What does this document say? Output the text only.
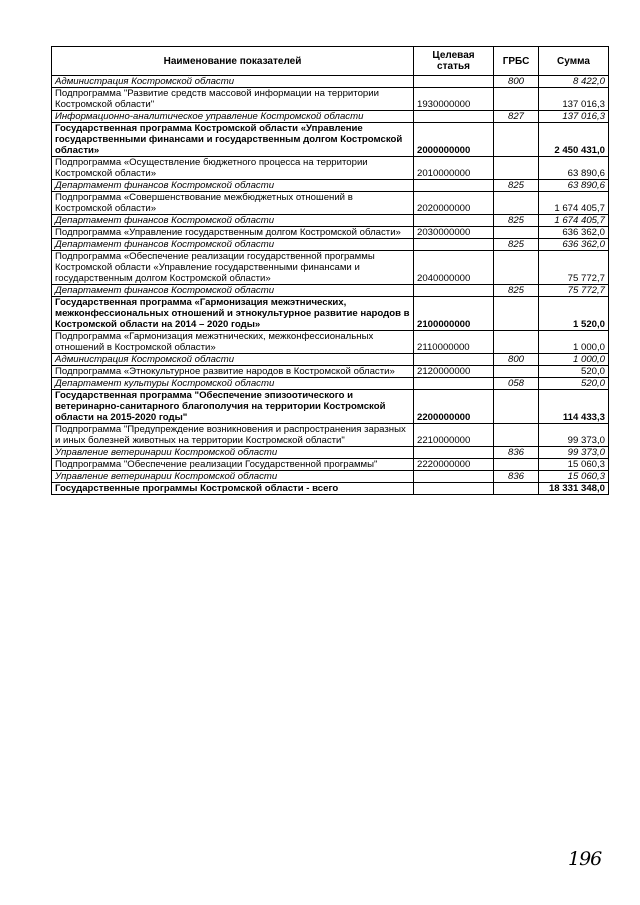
Наименование показателей	Целевая статья	ГРБС	Сумма
Администрация Костромской области		800	8 422,0
Подпрограмма "Развитие средств массовой информации на территории Костромской области"	1930000000		137 016,3
Информационно-аналитическое управление Костромской области		827	137 016,3
Государственная программа Костромской области «Управление государственными финансами и государственным долгом Костромской области»	2000000000		2 450 431,0
Подпрограмма «Осуществление бюджетного процесса на территории Костромской области»	2010000000		63 890,6
Департамент финансов Костромской области		825	63 890,6
Подпрограмма «Совершенствование межбюджетных отношений в Костромской области»	2020000000		1 674 405,7
Департамент финансов Костромской области		825	1 674 405,7
Подпрограмма «Управление государственным долгом Костромской области»	2030000000		636 362,0
Департамент финансов Костромской области		825	636 362,0
Подпрограмма «Обеспечение реализации государственной программы Костромской области «Управление государственными финансами и государственным долгом Костромской области»	2040000000		75 772,7
Департамент финансов Костромской области		825	75 772,7
Государственная программа «Гармонизация межэтнических, межконфессиональных отношений и этнокультурное развитие народов в Костромской области на 2014 – 2020 годы»	2100000000		1 520,0
Подпрограмма «Гармонизация межэтнических, межконфессиональных отношений в Костромской области»	2110000000		1 000,0
Администрация Костромской области		800	1 000,0
Подпрограмма «Этнокультурное развитие народов в Костромской области»	2120000000		520,0
Департамент культуры Костромской области		058	520,0
Государственная программа "Обеспечение эпизоотического и ветеринарно-санитарного благополучия на территории Костромской области на 2015-2020 годы"	2200000000		114 433,3
Подпрограмма "Предупреждение возникновения и распространения заразных и иных болезней животных на территории Костромской области"	2210000000		99 373,0
Управление ветеринарии Костромской области		836	99 373,0
Подпрограмма "Обеспечение реализации Государственной программы"	2220000000		15 060,3
Управление ветеринарии Костромской области		836	15 060,3
Государственные программы Костромской области - всего			18 331 348,0
196
